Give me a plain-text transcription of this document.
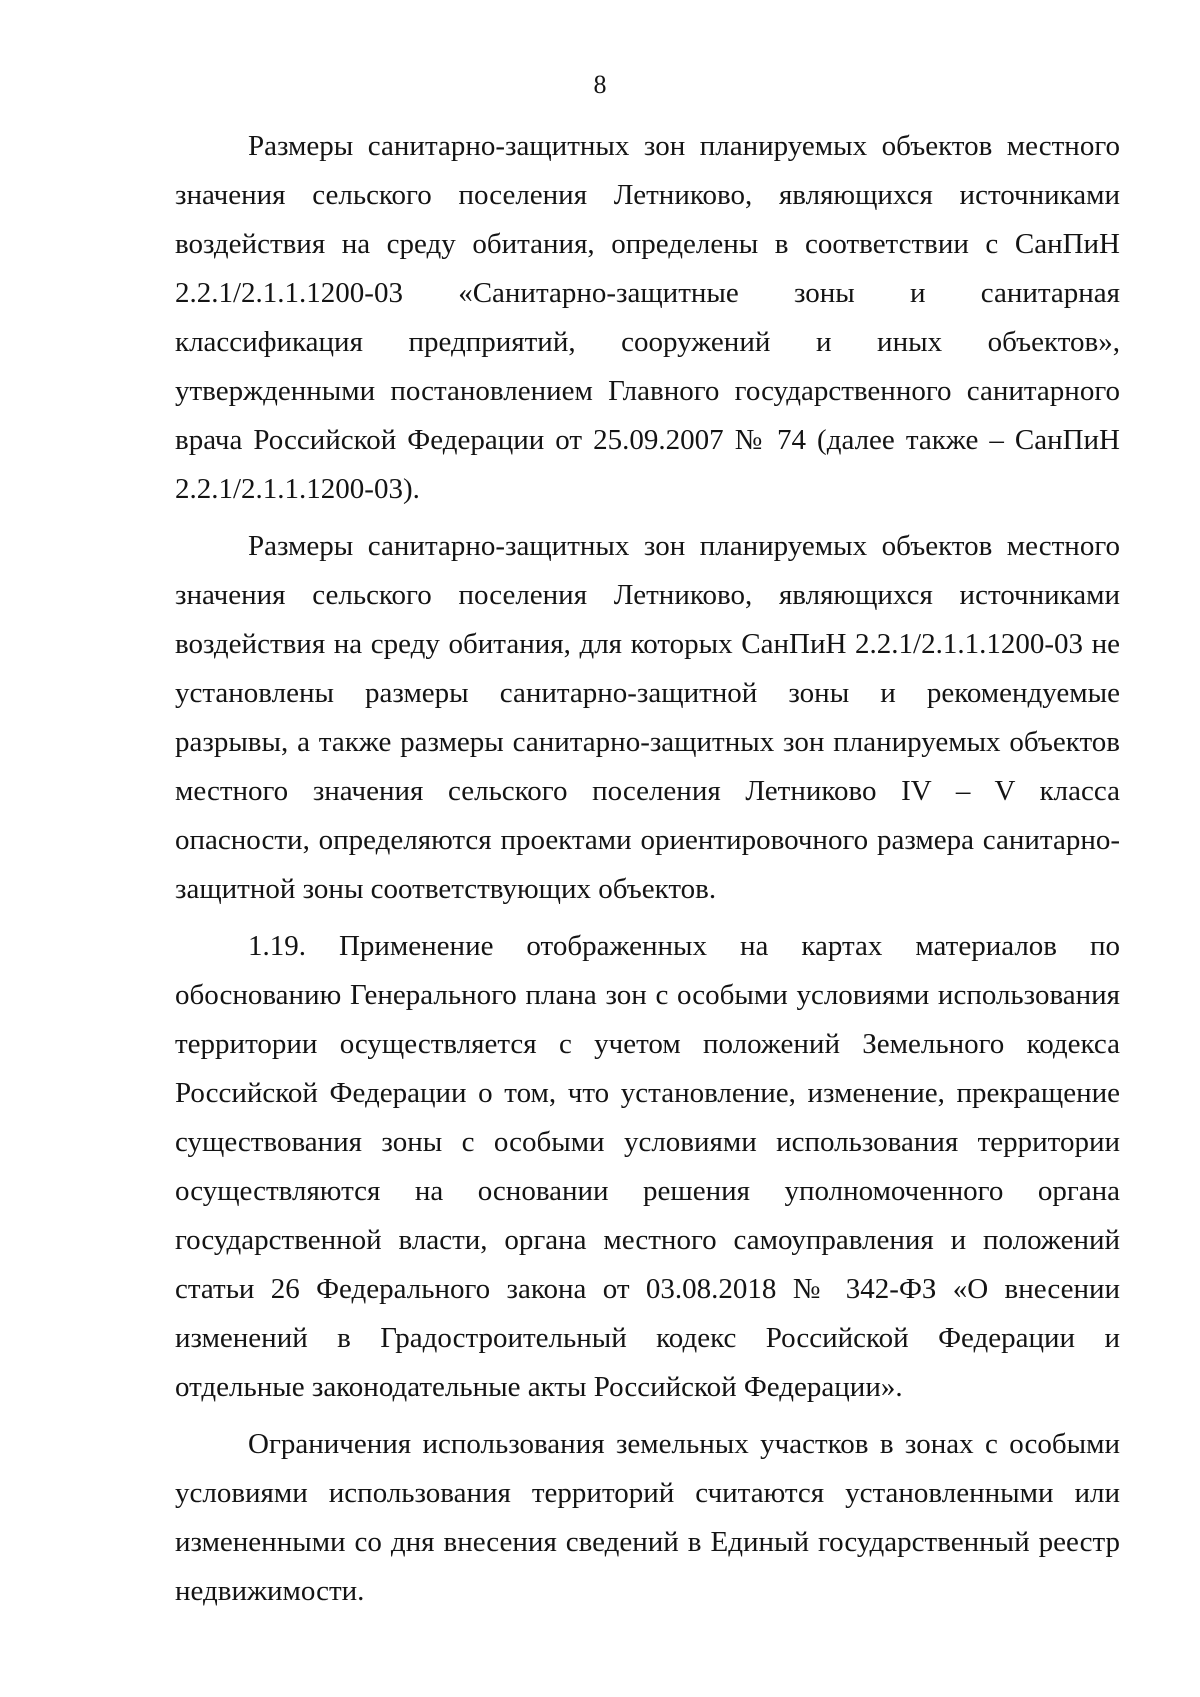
8

Размеры санитарно-защитных зон планируемых объектов местного значения сельского поселения Летниково, являющихся источниками воздействия на среду обитания, определены в соответствии с СанПиН 2.2.1/2.1.1.1200-03 «Санитарно-защитные зоны и санитарная классификация предприятий, сооружений и иных объектов», утвержденными постановлением Главного государственного санитарного врача Российской Федерации от 25.09.2007 № 74 (далее также – СанПиН 2.2.1/2.1.1.1200-03).

Размеры санитарно-защитных зон планируемых объектов местного значения сельского поселения Летниково, являющихся источниками воздействия на среду обитания, для которых СанПиН 2.2.1/2.1.1.1200-03 не установлены размеры санитарно-защитной зоны и рекомендуемые разрывы, а также размеры санитарно-защитных зон планируемых объектов местного значения сельского поселения Летниково IV – V класса опасности, определяются проектами ориентировочного размера санитарно-защитной зоны соответствующих объектов.

1.19. Применение отображенных на картах материалов по обоснованию Генерального плана зон с особыми условиями использования территории осуществляется с учетом положений Земельного кодекса Российской Федерации о том, что установление, изменение, прекращение существования зоны с особыми условиями использования территории осуществляются на основании решения уполномоченного органа государственной власти, органа местного самоуправления и положений статьи 26 Федерального закона от 03.08.2018 № 342-ФЗ «О внесении изменений в Градостроительный кодекс Российской Федерации и отдельные законодательные акты Российской Федерации».

Ограничения использования земельных участков в зонах с особыми условиями использования территорий считаются установленными или измененными со дня внесения сведений в Единый государственный реестр недвижимости.
